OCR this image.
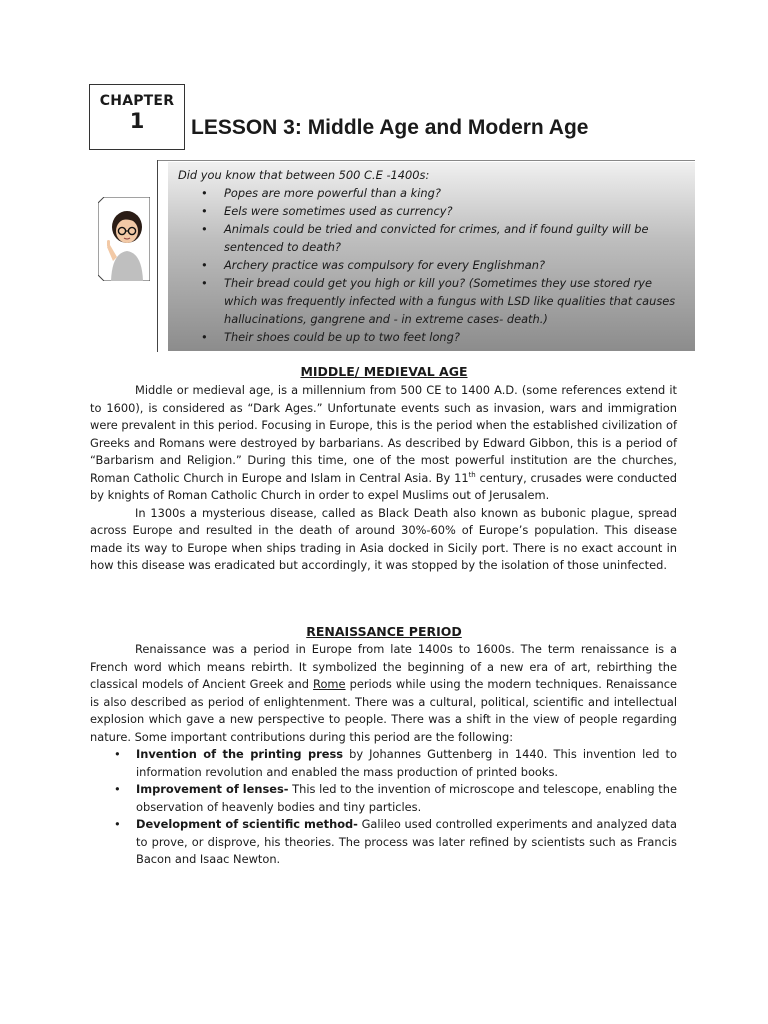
CHAPTER
1	LESSON 3: Middle Age and Modern Age
Did you know that between 500 C.E -1400s:
• Popes are more powerful than a king?
• Eels were sometimes used as currency?
• Animals could be tried and convicted for crimes, and if found guilty will be sentenced to death?
• Archery practice was compulsory for every Englishman?
• Their bread could get you high or kill you? (Sometimes they use stored rye which was frequently infected with a fungus with LSD like qualities that causes hallucinations, gangrene and - in extreme cases- death.)
• Their shoes could be up to two feet long?
MIDDLE/ MEDIEVAL AGE

Middle or medieval age, is a millennium from 500 CE to 1400 A.D. (some references extend it to 1600), is considered as “Dark Ages.” Unfortunate events such as invasion, wars and immigration were prevalent in this period. Focusing in Europe, this is the period when the established civilization of Greeks and Romans were destroyed by barbarians. As described by Edward Gibbon, this is a period of “Barbarism and Religion.” During this time, one of the most powerful institution are the churches, Roman Catholic Church in Europe and Islam in Central Asia. By 11th century, crusades were conducted by knights of Roman Catholic Church in order to expel Muslims out of Jerusalem.

In 1300s a mysterious disease, called as Black Death also known as bubonic plague, spread across Europe and resulted in the death of around 30%-60% of Europe’s population. This disease made its way to Europe when ships trading in Asia docked in Sicily port. There is no exact account in how this disease was eradicated but accordingly, it was stopped by the isolation of those uninfected.

RENAISSANCE PERIOD

Renaissance was a period in Europe from late 1400s to 1600s. The term renaissance is a French word which means rebirth. It symbolized the beginning of a new era of art, rebirthing the classical models of Ancient Greek and Rome periods while using the modern techniques. Renaissance is also described as period of enlightenment. There was a cultural, political, scientific and intellectual explosion which gave a new perspective to people. There was a shift in the view of people regarding nature. Some important contributions during this period are the following:

• Invention of the printing press by Johannes Guttenberg in 1440. This invention led to information revolution and enabled the mass production of printed books.
• Improvement of lenses- This led to the invention of microscope and telescope, enabling the observation of heavenly bodies and tiny particles.
• Development of scientific method- Galileo used controlled experiments and analyzed data to prove, or disprove, his theories. The process was later refined by scientists such as Francis Bacon and Isaac Newton.
